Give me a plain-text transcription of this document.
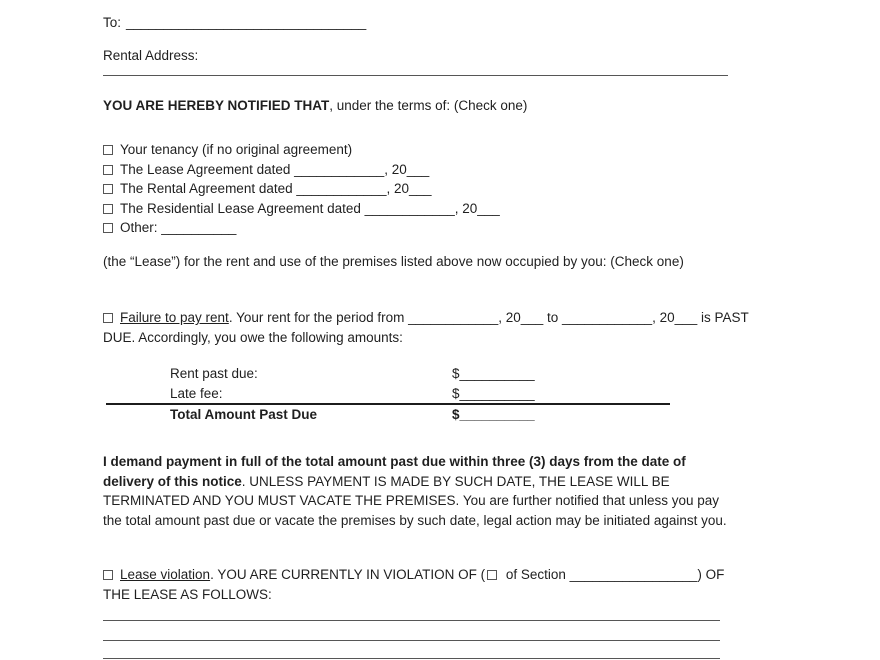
To: ________________________________
Rental Address:
YOU ARE HEREBY NOTIFIED THAT, under the terms of: (Check one)
Your tenancy (if no original agreement)
The Lease Agreement dated ____________, 20___
The Rental Agreement dated ____________, 20___
The Residential Lease Agreement dated ____________, 20___
Other: __________
(the “Lease”) for the rent and use of the premises listed above now occupied by you: (Check one)
Failure to pay rent. Your rent for the period from ____________, 20___ to ____________, 20___ is PAST
DUE. Accordingly, you owe the following amounts:
Rent past due:	$__________
Late fee:	$__________
Total Amount Past Due	$__________
I demand payment in full of the total amount past due within three (3) days from the date of
delivery of this notice. UNLESS PAYMENT IS MADE BY SUCH DATE, THE LEASE WILL BE
TERMINATED AND YOU MUST VACATE THE PREMISES. You are further notified that unless you pay
the total amount past due or vacate the premises by such date, legal action may be initiated against you.
Lease violation. YOU ARE CURRENTLY IN VIOLATION OF ( of Section _________________) OF
THE LEASE AS FOLLOWS:
